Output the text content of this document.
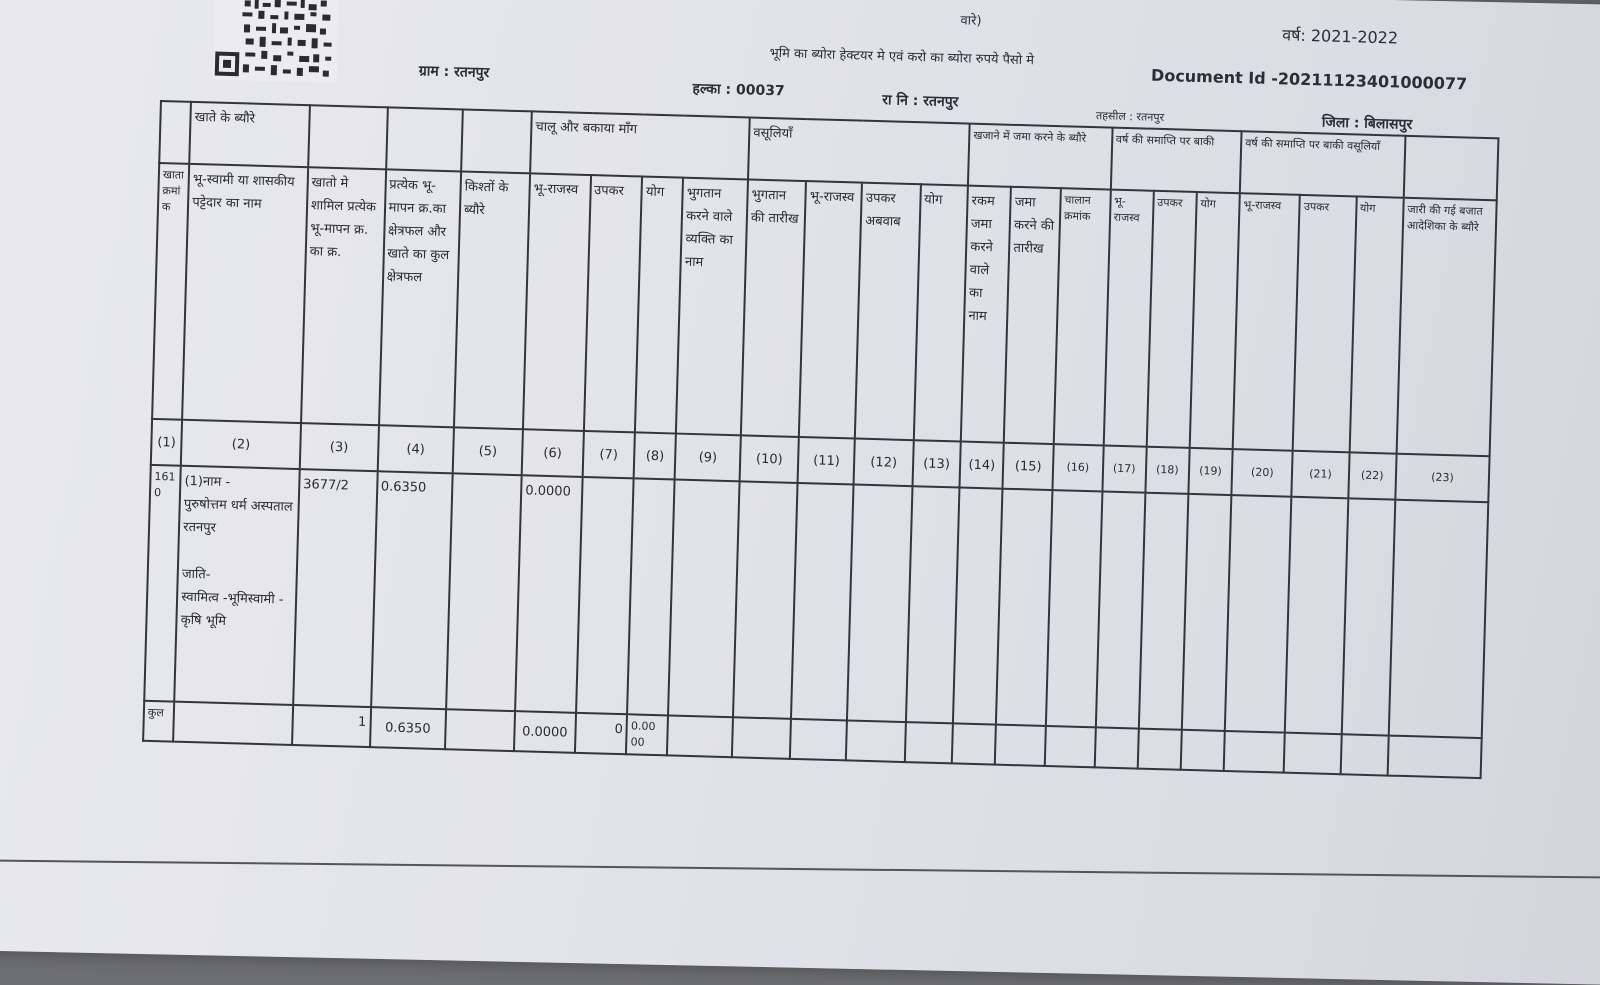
वारे)
वर्ष: 2021-2022
भूमि का ब्योरा हेक्टयर मे एवं करो का ब्योरा रुपये पैसो मे
Document Id -20211123401000077
ग्राम : रतनपुर
हल्का : 00037
रा नि : रतनपुर
तहसील : रतनपुर	जिला : बिलासपुर
	खाते के ब्यौरे				चालू और बकाया माँग				वसूलियाँ				खजाने में जमा करने के ब्यौरे			वर्ष की समाप्ति पर बाकी			वर्ष की समाप्ति पर बाकी वसूलियाँ			
खाता क्रमांक	भू-स्वामी या शासकीय पट्टेदार का नाम	खातो मे शामिल प्रत्येक भू-मापन क्र. का क्र.	प्रत्येक भू-मापन क्र.का क्षेत्रफल और खाते का कुल क्षेत्रफल	किश्तों के ब्यौरे	भू-राजस्व	उपकर	योग	भुगतान करने वाले व्यक्ति का नाम	भुगतान की तारीख	भू-राजस्व	उपकर अबवाब	योग	रकम जमा करने वाले का नाम	जमा करने की तारीख	चालान क्रमांक	भू-राजस्व	उपकर	योग	भू-राजस्व	उपकर	योग	जारी की गई बजात आदेशिका के ब्यौरे
(1)	(2)	(3)	(4)	(5)	(6)	(7)	(8)	(9)	(10)	(11)	(12)	(13)	(14)	(15)	(16)	(17)	(18)	(19)	(20)	(21)	(22)	(23)
161 0	(1)नाम -
पुरुषोत्तम धर्म अस्पताल रतनपुर
जाति-
स्वामित्व -भूमिस्वामी - कृषि भूमि	3677/2	0.6350		0.0000																	
कुल		1	0.6350		0.0000	0	0.00 00															
